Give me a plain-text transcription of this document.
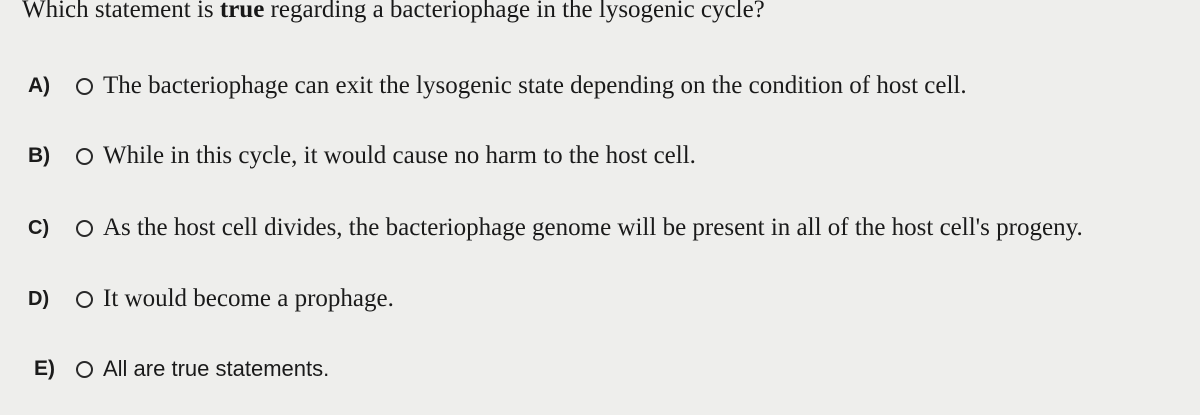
Which statement is true regarding a bacteriophage in the lysogenic cycle?
A)	The bacteriophage can exit the lysogenic state depending on the condition of host cell.
B)	While in this cycle, it would cause no harm to the host cell.
C)	As the host cell divides, the bacteriophage genome will be present in all of the host cell's progeny.
D)	It would become a prophage.
E)	All are true statements.
